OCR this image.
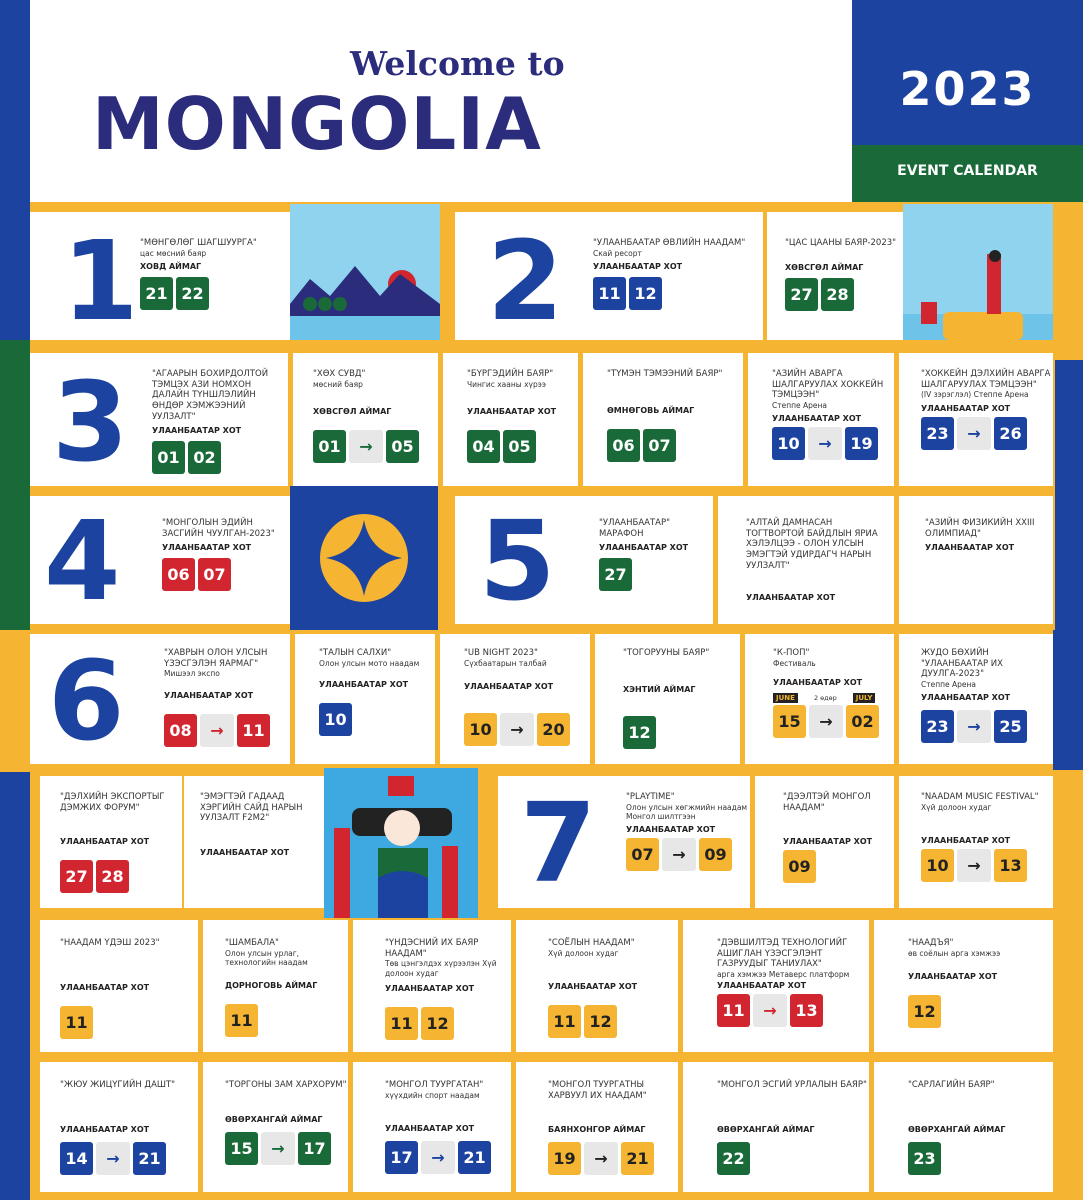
Welcome to
MONGOLIA	2023
EVENT CALENDAR
1 "МӨНГӨЛӨГ ШАГШУУРГА"
цас мөсний баяр
ХОВД АЙМАГ
21 22	2	"УЛААНБААТАР ӨВЛИЙН НААДАМ"
Скай ресорт
УЛААНБААТАР ХОТ
11 12
"ЦАС ЦААНЫ БАЯР-2023"
ХӨВСГӨЛ АЙМАГ
27 28
3	"АГААРЫН БОХИРДОЛТОЙ ТЭМЦЭХ АЗИ НОМХОН ДАЛАЙН ТҮНШЛЭЛИЙН ӨНДӨР ХЭМЖЭЭНИЙ УУЛЗАЛТ"
УЛААНБААТАР ХОТ
01 02
"ХӨХ СУВД"
мөсний баяр
ХӨВСГӨЛ АЙМАГ
01	→	05
"БҮРГЭДИЙН БАЯР"
Чингис хааны хүрээ
УЛААНБААТАР ХОТ
04 05
"ТҮМЭН ТЭМЭЭНИЙ БАЯР"
ӨМНӨГОВЬ АЙМАГ
06 07
"АЗИЙН АВАРГА ШАЛГАРУУЛАХ ХОККЕЙН ТЭМЦЭЭН"
Степпе Арена
УЛААНБААТАР ХОТ
10	→	19
"ХОККЕЙН ДЭЛХИЙН АВАРГА ШАЛГАРУУЛАХ ТЭМЦЭЭН"
(IV зэрэглэл) Степпе Арена
УЛААНБААТАР ХОТ
23	→	26
4	"МОНГОЛЫН ЭДИЙН ЗАСГИЙН ЧУУЛГАН-2023"
УЛААНБААТАР ХОТ
06 07 5	"УЛААНБААТАР" МАРАФОН
УЛААНБААТАР ХОТ
27
"АЛТАЙ ДАМНАСАН ТОГТВОРТОЙ БАЙДЛЫН ЯРИА ХЭЛЭЛЦЭЭ - ОЛОН УЛСЫН ЭМЭГТЭЙ УДИРДАГЧ НАРЫН УУЛЗАЛТ"
УЛААНБААТАР ХОТ
"АЗИЙН ФИЗИКИЙН XXIII ОЛИМПИАД"
УЛААНБААТАР ХОТ
6	"ХАВРЫН ОЛОН УЛСЫН ҮЗЭСГЭЛЭН ЯАРМАГ"
Мишээл экспо
УЛААНБААТАР ХОТ
08	→	11
"ТАЛЫН САЛХИ"
Олон улсын мото наадам
УЛААНБААТАР ХОТ
10
"UB NIGHT 2023"
Сүхбаатарын талбай
УЛААНБААТАР ХОТ
10	→	20
"ТОГОРУУНЫ БАЯР"
ХЭНТИЙ АЙМАГ
12
"К-ПОП"
Фестиваль
УЛААНБААТАР ХОТ
JUNE	2 өдөр	JULY
15	→	02
ЖУДО БӨХИЙН "УЛААНБААТАР ИХ ДУУЛГА-2023"
Степпе Арена
УЛААНБААТАР ХОТ
23	→	25
"ДЭЛХИЙН ЭКСПОРТЫГ ДЭМЖИХ ФОРУМ"
УЛААНБААТАР ХОТ
27 28
"ЭМЭГТЭЙ ГАДААД ХЭРГИЙН САЙД НАРЫН УУЛЗАЛТ F2M2"
УЛААНБААТАР ХОТ 7	"PLAYTIME"
Олон улсын хөгжмийн наадам Монгол шилтгээн
УЛААНБААТАР ХОТ
07	→	09
"ДЭЭЛТЭЙ МОНГОЛ НААДАМ"
УЛААНБААТАР ХОТ
09
"NAADAM MUSIC FESTIVAL"
Хүй долоон худаг
УЛААНБААТАР ХОТ
10	→	13
"НААДАМ ҮДЭШ 2023"
УЛААНБААТАР ХОТ
11
"ШАМБАЛА"
Олон улсын урлаг, технологийн наадам
ДОРНОГОВЬ АЙМАГ
11
"ҮНДЭСНИЙ ИХ БАЯР НААДАМ"
Төв цэнгэлдэх хүрээлэн Хүй долоон худаг
УЛААНБААТАР ХОТ
11 12
"СОЁЛЫН НААДАМ"
Хүй долоон худаг
УЛААНБААТАР ХОТ
11 12
"ДЭВШИЛТЭД ТЕХНОЛОГИЙГ АШИГЛАН ҮЗЭСГЭЛЭНТ ГАЗРУУДЫГ ТАНИУЛАХ"
арга хэмжээ Метаверс платформ
УЛААНБААТАР ХОТ
11	→	13
"НААДЪЯ"
өв соёлын арга хэмжээ
УЛААНБААТАР ХОТ
12
"ЖЮУ ЖИЦҮГИЙН ДАШТ"
УЛААНБААТАР ХОТ
14	→	21
"ТОРГОНЫ ЗАМ ХАРХОРУМ"
ӨВӨРХАНГАЙ АЙМАГ
15	→	17
"МОНГОЛ ТУУРГАТАН"
хүүхдийн спорт наадам
УЛААНБААТАР ХОТ
17	→	21
"МОНГОЛ ТУУРГАТНЫ ХАРВУУЛ ИХ НААДАМ"
БАЯНХОНГОР АЙМАГ
19	→	21
"МОНГОЛ ЭСГИЙ УРЛАЛЫН БАЯР"
ӨВӨРХАНГАЙ АЙМАГ
22
"САРЛАГИЙН БАЯР"
ӨВӨРХАНГАЙ АЙМАГ
23
